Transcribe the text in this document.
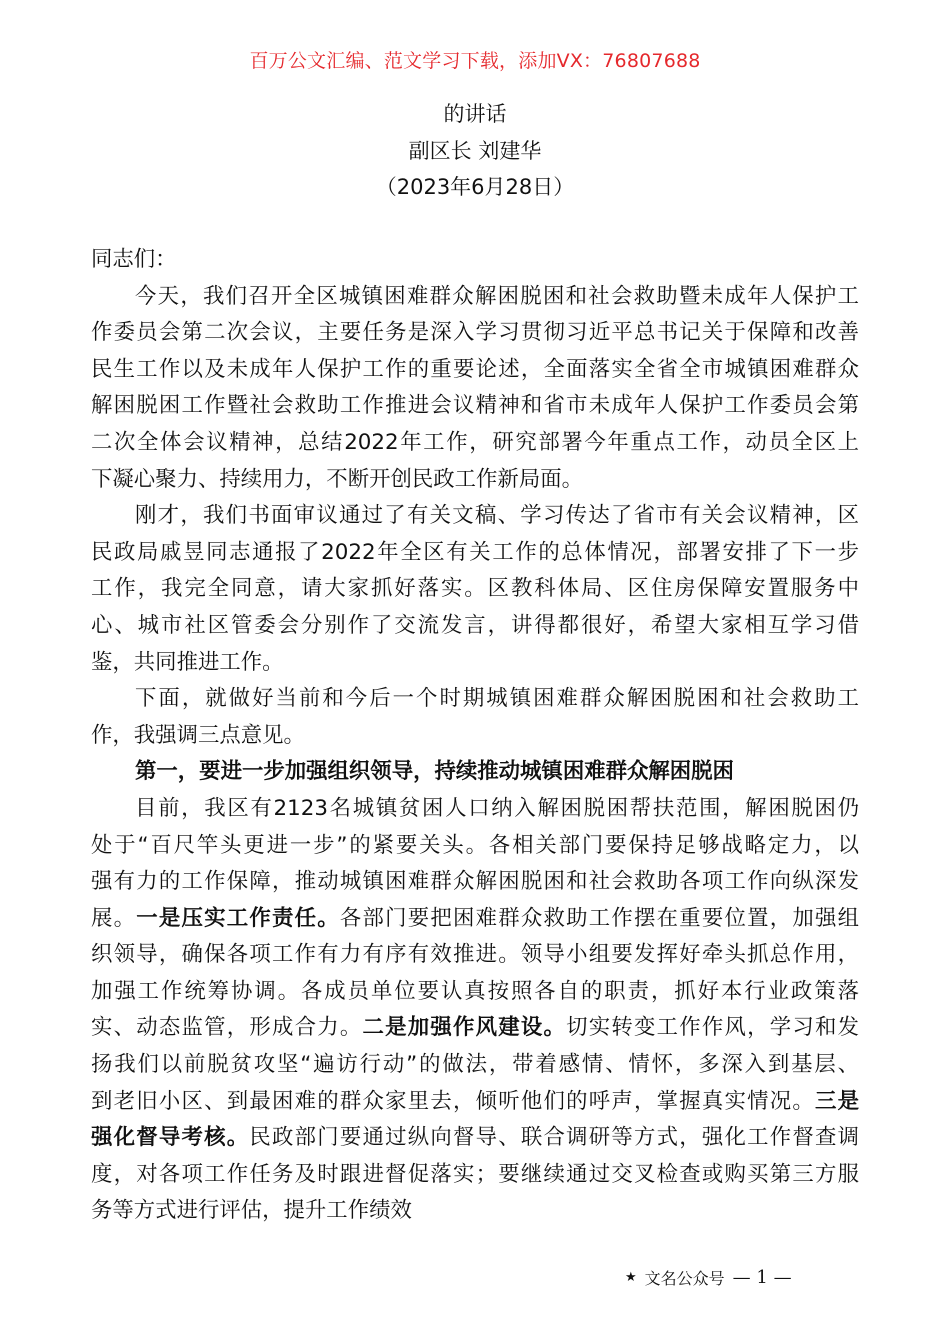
百万公文汇编、范文学习下载，添加VX：76807688
的讲话
副区长 刘建华
（2023年6月28日）
同志们：
今天，我们召开全区城镇困难群众解困脱困和社会救助暨未成年人保护工
作委员会第二次会议，主要任务是深入学习贯彻习近平总书记关于保障和改善
民生工作以及未成年人保护工作的重要论述，全面落实全省全市城镇困难群众
解困脱困工作暨社会救助工作推进会议精神和省市未成年人保护工作委员会第
二次全体会议精神，总结2022年工作，研究部署今年重点工作，动员全区上
下凝心聚力、持续用力，不断开创民政工作新局面。
刚才，我们书面审议通过了有关文稿、学习传达了省市有关会议精神，区
民政局戚昱同志通报了2022年全区有关工作的总体情况，部署安排了下一步
工作，我完全同意，请大家抓好落实。区教科体局、区住房保障安置服务中
心、城市社区管委会分别作了交流发言，讲得都很好，希望大家相互学习借
鉴，共同推进工作。
下面，就做好当前和今后一个时期城镇困难群众解困脱困和社会救助工
作，我强调三点意见。
第一，要进一步加强组织领导，持续推动城镇困难群众解困脱困
目前，我区有2123名城镇贫困人口纳入解困脱困帮扶范围，解困脱困仍
处于“百尺竿头更进一步”的紧要关头。各相关部门要保持足够战略定力，以
强有力的工作保障，推动城镇困难群众解困脱困和社会救助各项工作向纵深发
展。一是压实工作责任。各部门要把困难群众救助工作摆在重要位置，加强组
织领导，确保各项工作有力有序有效推进。领导小组要发挥好牵头抓总作用，
加强工作统筹协调。各成员单位要认真按照各自的职责，抓好本行业政策落
实、动态监管，形成合力。二是加强作风建设。切实转变工作作风，学习和发
扬我们以前脱贫攻坚“遍访行动”的做法，带着感情、情怀，多深入到基层、
到老旧小区、到最困难的群众家里去，倾听他们的呼声，掌握真实情况。三是
强化督导考核。民政部门要通过纵向督导、联合调研等方式，强化工作督查调
度，对各项工作任务及时跟进督促落实；要继续通过交叉检查或购买第三方服
务等方式进行评估，提升工作绩效
★ 文名公众号 — 1 —
